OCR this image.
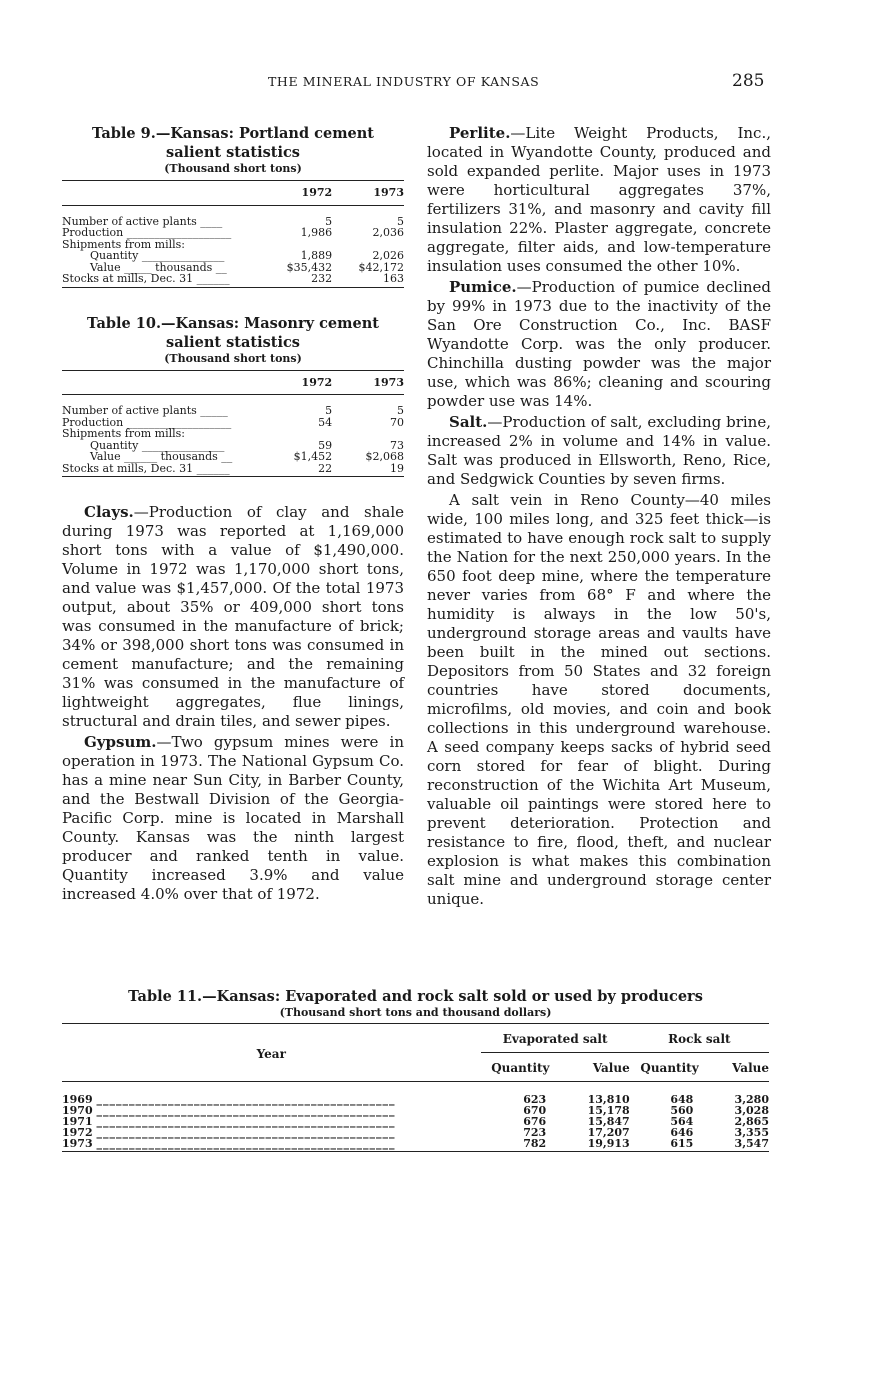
THE MINERAL INDUSTRY OF KANSAS	285
Table 9.—Kansas: Portland cement salient statistics
(Thousand short tons)
	1972	1973
Number of active plants ____	5	5
Production ___________________	1,986	2,036
Shipments from mills:		
Quantity _______________	1,889	2,026
Value _____ thousands __	$35,432	$42,172
Stocks at mills, Dec. 31 ______	232	163
Table 10.—Kansas: Masonry cement salient statistics
(Thousand short tons)
	1972	1973
Number of active plants _____	5	5
Production ___________________	54	70
Shipments from mills:		
Quantity _______________	59	73
Value ______ thousands __	$1,452	$2,068
Stocks at mills, Dec. 31 ______	22	19

Clays.—Production of clay and shale during 1973 was reported at 1,169,000 short tons with a value of $1,490,000. Volume in 1972 was 1,170,000 short tons, and value was $1,457,000. Of the total 1973 output, about 35% or 409,000 short tons was consumed in the manufacture of brick; 34% or 398,000 short tons was consumed in cement manufacture; and the remaining 31% was consumed in the manufacture of lightweight aggregates, flue linings, structural and drain tiles, and sewer pipes.

Gypsum.—Two gypsum mines were in operation in 1973. The National Gypsum Co. has a mine near Sun City, in Barber County, and the Bestwall Division of the Georgia-Pacific Corp. mine is located in Marshall County. Kansas was the ninth largest producer and ranked tenth in value. Quantity increased 3.9% and value increased 4.0% over that of 1972.

Perlite.—Lite Weight Products, Inc., located in Wyandotte County, produced and sold expanded perlite. Major uses in 1973 were horticultural aggregates 37%, fertilizers 31%, and masonry and cavity fill insulation 22%. Plaster aggregate, concrete aggregate, filter aids, and low-temperature insulation uses consumed the other 10%.

Pumice.—Production of pumice declined by 99% in 1973 due to the inactivity of the San Ore Construction Co., Inc. BASF Wyandotte Corp. was the only producer. Chinchilla dusting powder was the major use, which was 86%; cleaning and scouring powder use was 14%.

Salt.—Production of salt, excluding brine, increased 2% in volume and 14% in value. Salt was produced in Ellsworth, Reno, Rice, and Sedgwick Counties by seven firms.

A salt vein in Reno County—40 miles wide, 100 miles long, and 325 feet thick—is estimated to have enough rock salt to supply the Nation for the next 250,000 years. In the 650 foot deep mine, where the temperature never varies from 68° F and where the humidity is always in the low 50's, underground storage areas and vaults have been built in the mined out sections. Depositors from 50 States and 32 foreign countries have stored documents, microfilms, old movies, and coin and book collections in this underground warehouse. A seed company keeps sacks of hybrid seed corn stored for fear of blight. During reconstruction of the Wichita Art Museum, valuable oil paintings were stored here to prevent deterioration. Protection and resistance to fire, flood, theft, and nuclear explosion is what makes this combination salt mine and underground storage center unique.

Table 11.—Kansas: Evaporated and rock salt sold or used by producers
(Thousand short tons and thousand dollars)
Year	Evaporated salt		Rock salt	
	Quantity	Value	Quantity	Value
1969 ______________________________________________	623	13,810	648	3,280
1970 ______________________________________________	670	15,178	560	3,028
1971 ______________________________________________	676	15,847	564	2,865
1972 ______________________________________________	723	17,207	646	3,355
1973 ______________________________________________	782	19,913	615	3,547
